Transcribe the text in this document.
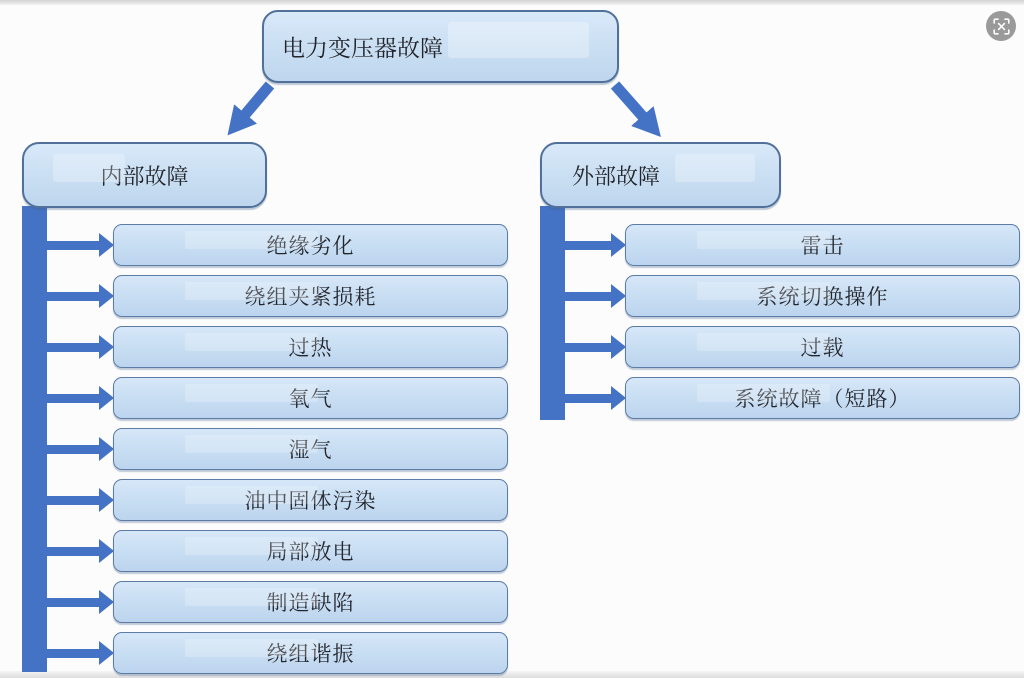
电力变压器故障
内部故障	外部故障
绝缘劣化
绕组夹紧损耗
过热
氧气
湿气
油中固体污染
局部放电
制造缺陷
绕组谐振
雷击
系统切换操作
过载
系统故障（短路）
